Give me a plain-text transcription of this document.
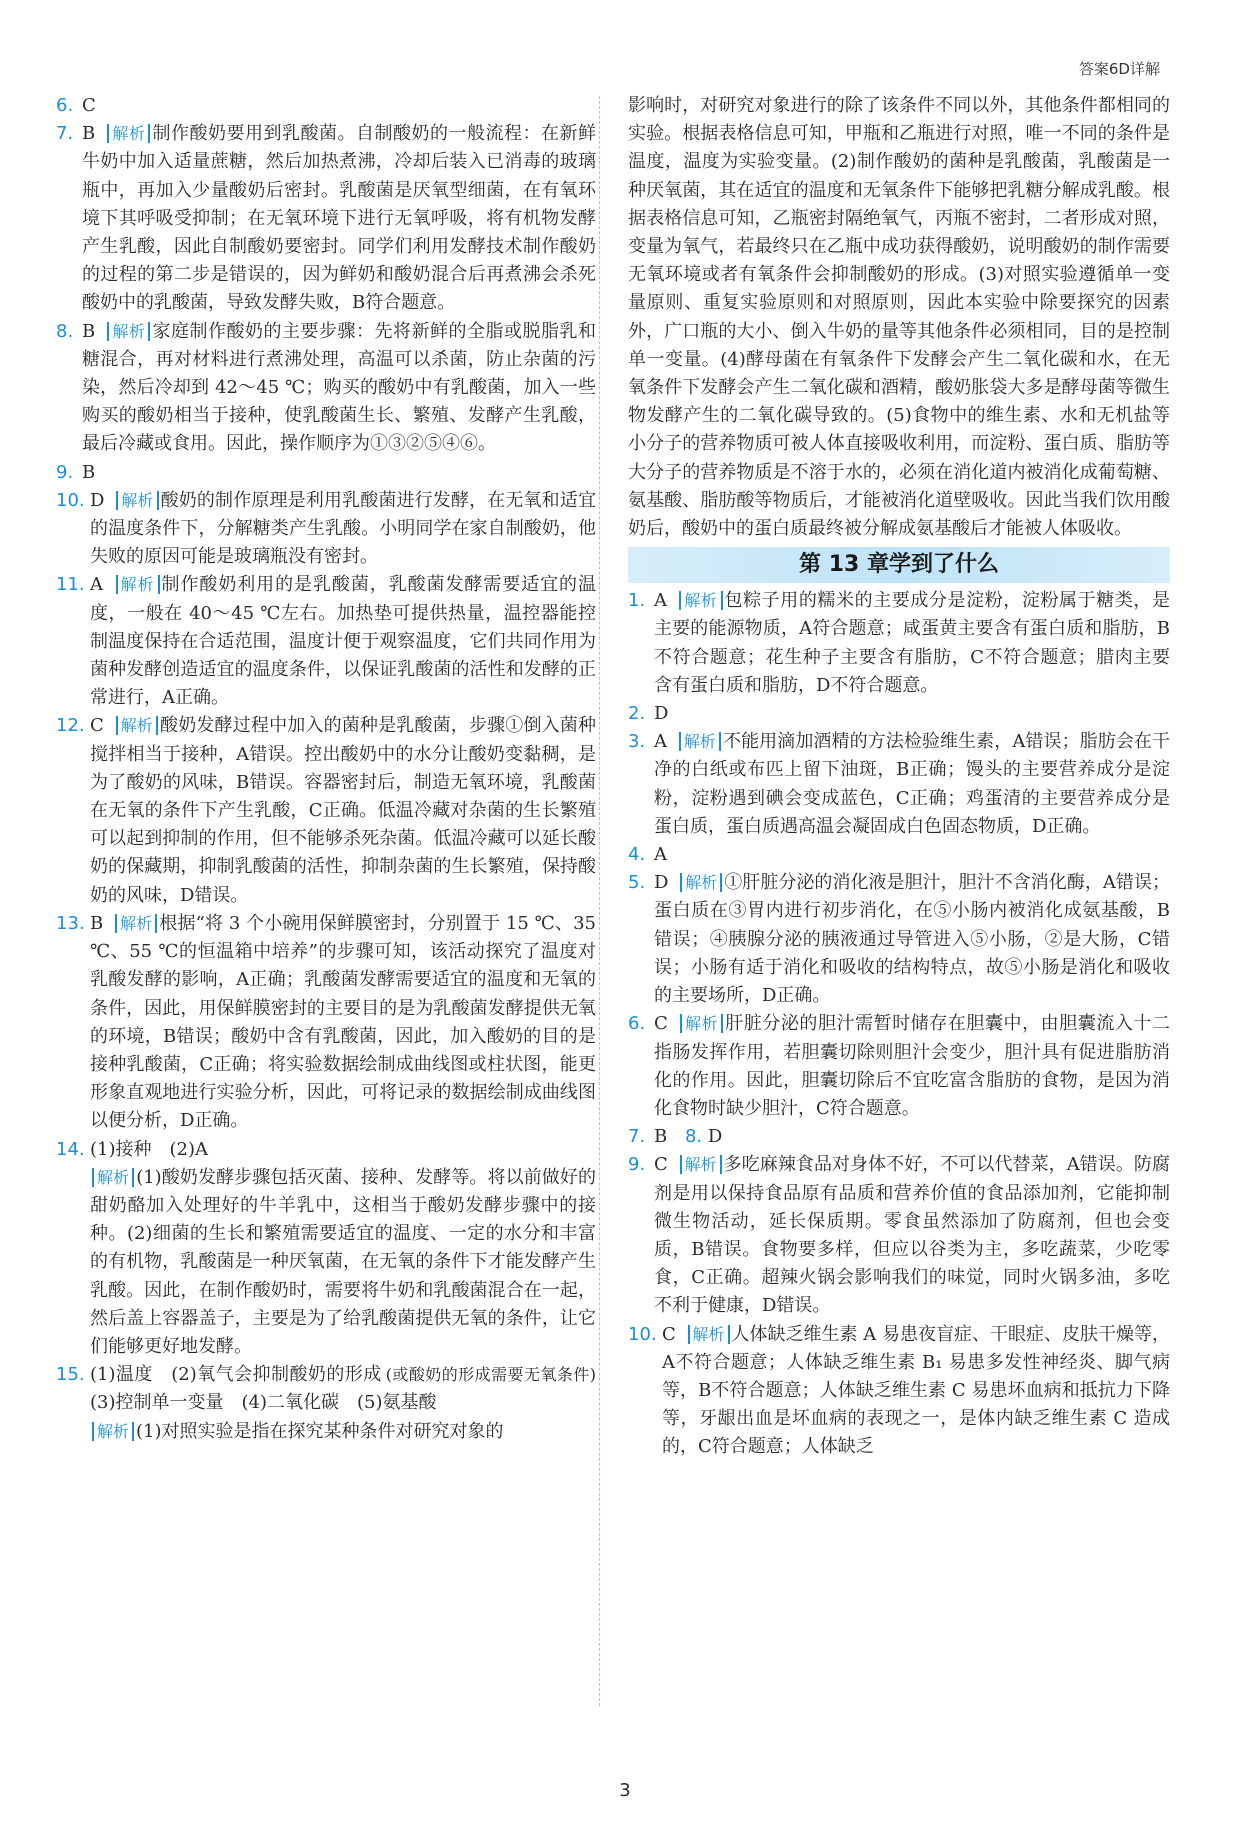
答案6D详解

6. C

7. B 解析 制作酸奶要用到乳酸菌。自制酸奶的一般流程：在新鲜牛奶中加入适量蔗糖，然后加热煮沸，冷却后装入已消毒的玻璃瓶中，再加入少量酸奶后密封。乳酸菌是厌氧型细菌，在有氧环境下其呼吸受抑制；在无氧环境下进行无氧呼吸，将有机物发酵产生乳酸，因此自制酸奶要密封。同学们利用发酵技术制作酸奶的过程的第二步是错误的，因为鲜奶和酸奶混合后再煮沸会杀死酸奶中的乳酸菌，导致发酵失败，B符合题意。

8. B 解析 家庭制作酸奶的主要步骤：先将新鲜的全脂或脱脂乳和糖混合，再对材料进行煮沸处理，高温可以杀菌，防止杂菌的污染，然后冷却到 42～45 ℃；购买的酸奶中有乳酸菌，加入一些购买的酸奶相当于接种，使乳酸菌生长、繁殖、发酵产生乳酸，最后冷藏或食用。因此，操作顺序为①③②⑤④⑥。

9. B

10. D 解析 酸奶的制作原理是利用乳酸菌进行发酵，在无氧和适宜的温度条件下，分解糖类产生乳酸。小明同学在家自制酸奶，他失败的原因可能是玻璃瓶没有密封。

11. A 解析 制作酸奶利用的是乳酸菌，乳酸菌发酵需要适宜的温度，一般在 40～45 ℃左右。加热垫可提供热量，温控器能控制温度保持在合适范围，温度计便于观察温度，它们共同作用为菌种发酵创造适宜的温度条件，以保证乳酸菌的活性和发酵的正常进行，A正确。

12. C 解析 酸奶发酵过程中加入的菌种是乳酸菌，步骤①倒入菌种搅拌相当于接种，A错误。控出酸奶中的水分让酸奶变黏稠，是为了酸奶的风味，B错误。容器密封后，制造无氧环境，乳酸菌在无氧的条件下产生乳酸，C正确。低温冷藏对杂菌的生长繁殖可以起到抑制的作用，但不能够杀死杂菌。低温冷藏可以延长酸奶的保藏期，抑制乳酸菌的活性，抑制杂菌的生长繁殖，保持酸奶的风味，D错误。

13. B 解析 根据“将 3 个小碗用保鲜膜密封，分别置于 15 ℃、35 ℃、55 ℃的恒温箱中培养”的步骤可知，该活动探究了温度对乳酸发酵的影响，A正确；乳酸菌发酵需要适宜的温度和无氧的条件，因此，用保鲜膜密封的主要目的是为乳酸菌发酵提供无氧的环境，B错误；酸奶中含有乳酸菌，因此，加入酸奶的目的是接种乳酸菌，C正确；将实验数据绘制成曲线图或柱状图，能更形象直观地进行实验分析，因此，可将记录的数据绘制成曲线图以便分析，D正确。

14. (1)接种　(2)A

解析 (1)酸奶发酵步骤包括灭菌、接种、发酵等。将以前做好的甜奶酪加入处理好的牛羊乳中，这相当于酸奶发酵步骤中的接种。(2)细菌的生长和繁殖需要适宜的温度、一定的水分和丰富的有机物，乳酸菌是一种厌氧菌，在无氧的条件下才能发酵产生乳酸。因此，在制作酸奶时，需要将牛奶和乳酸菌混合在一起，然后盖上容器盖子，主要是为了给乳酸菌提供无氧的条件，让它们能够更好地发酵。

15. (1)温度　(2)氧气会抑制酸奶的形成 (或酸奶的形成需要无氧条件) (3)控制单一变量　(4)二氧化碳　(5)氨基酸

解析 (1)对照实验是指在探究某种条件对研究对象的

影响时，对研究对象进行的除了该条件不同以外，其他条件都相同的实验。根据表格信息可知，甲瓶和乙瓶进行对照，唯一不同的条件是温度，温度为实验变量。(2)制作酸奶的菌种是乳酸菌，乳酸菌是一种厌氧菌，其在适宜的温度和无氧条件下能够把乳糖分解成乳酸。根据表格信息可知，乙瓶密封隔绝氧气，丙瓶不密封，二者形成对照，变量为氧气，若最终只在乙瓶中成功获得酸奶，说明酸奶的制作需要无氧环境或者有氧条件会抑制酸奶的形成。(3)对照实验遵循单一变量原则、重复实验原则和对照原则，因此本实验中除要探究的因素外，广口瓶的大小、倒入牛奶的量等其他条件必须相同，目的是控制单一变量。(4)酵母菌在有氧条件下发酵会产生二氧化碳和水，在无氧条件下发酵会产生二氧化碳和酒精，酸奶胀袋大多是酵母菌等微生物发酵产生的二氧化碳导致的。(5)食物中的维生素、水和无机盐等小分子的营养物质可被人体直接吸收利用，而淀粉、蛋白质、脂肪等大分子的营养物质是不溶于水的，必须在消化道内被消化成葡萄糖、氨基酸、脂肪酸等物质后，才能被消化道壁吸收。因此当我们饮用酸奶后，酸奶中的蛋白质最终被分解成氨基酸后才能被人体吸收。

第 13 章学到了什么

1. A 解析 包粽子用的糯米的主要成分是淀粉，淀粉属于糖类，是主要的能源物质，A符合题意；咸蛋黄主要含有蛋白质和脂肪，B不符合题意；花生种子主要含有脂肪，C不符合题意；腊肉主要含有蛋白质和脂肪，D不符合题意。

2. D

3. A 解析 不能用滴加酒精的方法检验维生素，A错误；脂肪会在干净的白纸或布匹上留下油斑，B正确；馒头的主要营养成分是淀粉，淀粉遇到碘会变成蓝色，C正确；鸡蛋清的主要营养成分是蛋白质，蛋白质遇高温会凝固成白色固态物质，D正确。

4. A

5. D 解析 ①肝脏分泌的消化液是胆汁，胆汁不含消化酶，A错误；蛋白质在③胃内进行初步消化，在⑤小肠内被消化成氨基酸，B错误；④胰腺分泌的胰液通过导管进入⑤小肠，②是大肠，C错误；小肠有适于消化和吸收的结构特点，故⑤小肠是消化和吸收的主要场所，D正确。

6. C 解析 肝脏分泌的胆汁需暂时储存在胆囊中，由胆囊流入十二指肠发挥作用，若胆囊切除则胆汁会变少，胆汁具有促进脂肪消化的作用。因此，胆囊切除后不宜吃富含脂肪的食物，是因为消化食物时缺少胆汁，C符合题意。

7. B 8. D

9. C 解析 多吃麻辣食品对身体不好，不可以代替菜，A错误。防腐剂是用以保持食品原有品质和营养价值的食品添加剂，它能抑制微生物活动，延长保质期。零食虽然添加了防腐剂，但也会变质，B错误。食物要多样，但应以谷类为主，多吃蔬菜，少吃零食，C正确。超辣火锅会影响我们的味觉，同时火锅多油，多吃不利于健康，D错误。

10. C 解析 人体缺乏维生素 A 易患夜盲症、干眼症、皮肤干燥等，A不符合题意；人体缺乏维生素 B₁ 易患多发性神经炎、脚气病等，B不符合题意；人体缺乏维生素 C 易患坏血病和抵抗力下降等，牙龈出血是坏血病的表现之一，是体内缺乏维生素 C 造成的，C符合题意；人体缺乏

3
